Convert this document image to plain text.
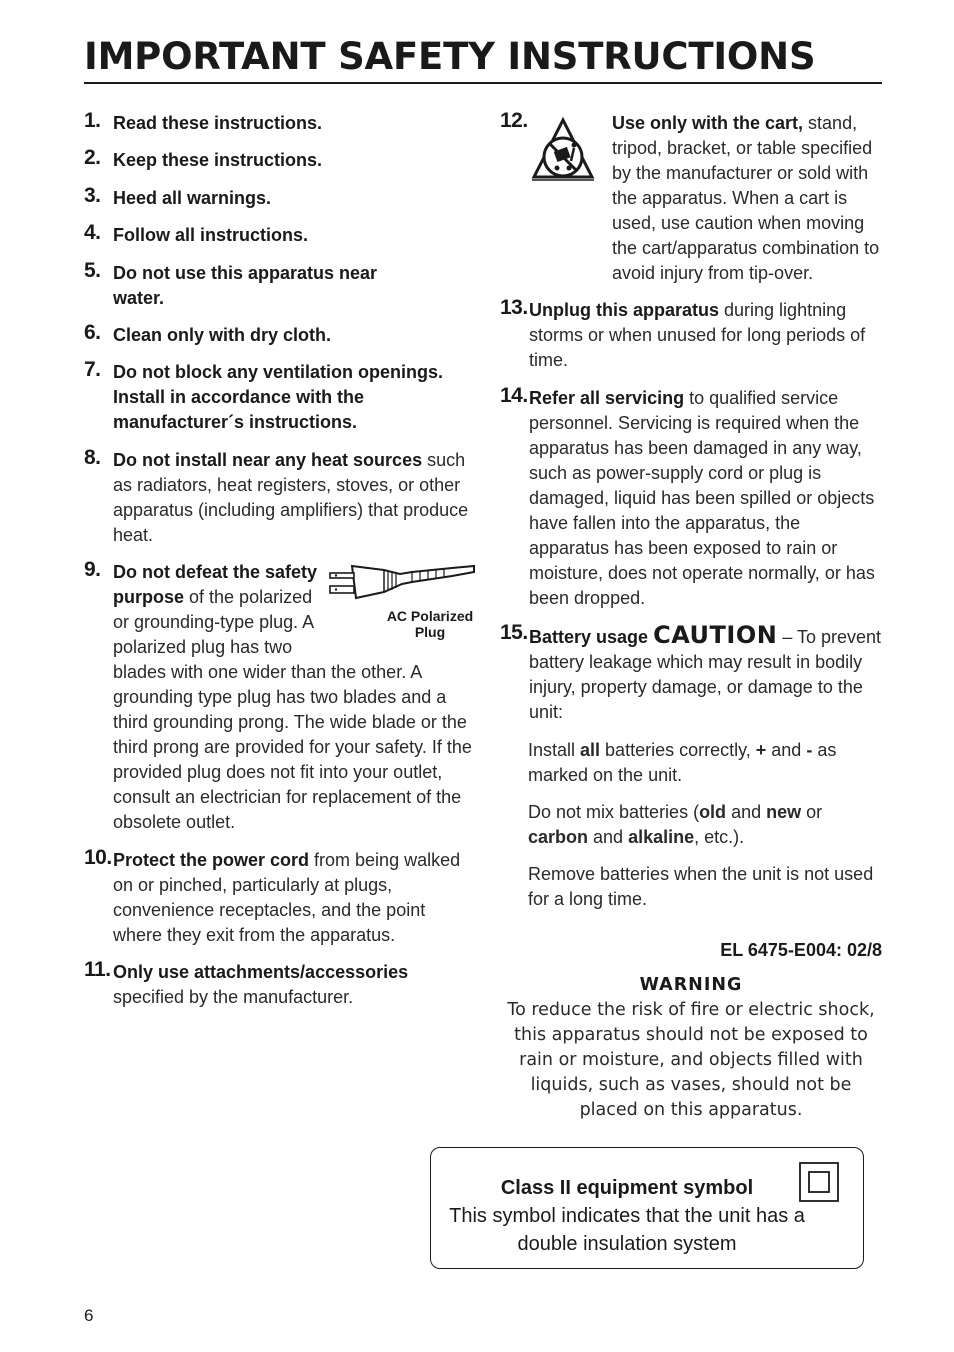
IMPORTANT SAFETY INSTRUCTIONS
1. Read these instructions.
2. Keep these instructions.
3. Heed all warnings.
4. Follow all instructions.
5. Do not use this apparatus near water.
6. Clean only with dry cloth.
7. Do not block any ventilation openings. Install in accordance with the manufacturer´s instructions.
8. Do not install near any heat sources such as radiators, heat registers, stoves, or other apparatus (including amplifiers) that produce heat.
9.
AC Polarized Plug
Do not defeat the safety purpose of the polarized or grounding-type plug. A polarized plug has two blades with one wider than the other. A grounding type plug has two blades and a third grounding prong. The wide blade or the third prong are provided for your safety. If the provided plug does not fit into your outlet, consult an electrician for replacement of the obsolete outlet.
10. Protect the power cord from being walked on or pinched, particularly at plugs, convenience receptacles, and the point where they exit from the apparatus.
11. Only use attachments/accessories specified by the manufacturer.
12.	Use only with the cart, stand, tripod, bracket, or table specified by the manufacturer or sold with the apparatus. When a cart is used, use caution when moving the cart/apparatus combination to avoid injury from tip-over.
13. Unplug this apparatus during lightning storms or when unused for long periods of time.
14. Refer all servicing to qualified service personnel. Servicing is required when the apparatus has been damaged in any way, such as power-supply cord or plug is damaged, liquid has been spilled or objects have fallen into the apparatus, the apparatus has been exposed to rain or moisture, does not operate normally, or has been dropped.
15. Battery usage CAUTION – To prevent battery leakage which may result in bodily injury, property damage, or damage to the unit:
Install all batteries correctly, + and - as marked on the unit.
Do not mix batteries (old and new or carbon and alkaline, etc.).
Remove batteries when the unit is not used for a long time.
EL 6475-E004: 02/8
WARNING
To reduce the risk of fire or electric shock, this apparatus should not be exposed to rain or moisture, and objects filled with liquids, such as vases, should not be placed on this apparatus.
Class II equipment symbol
This symbol indicates that the unit has a double insulation system
6
